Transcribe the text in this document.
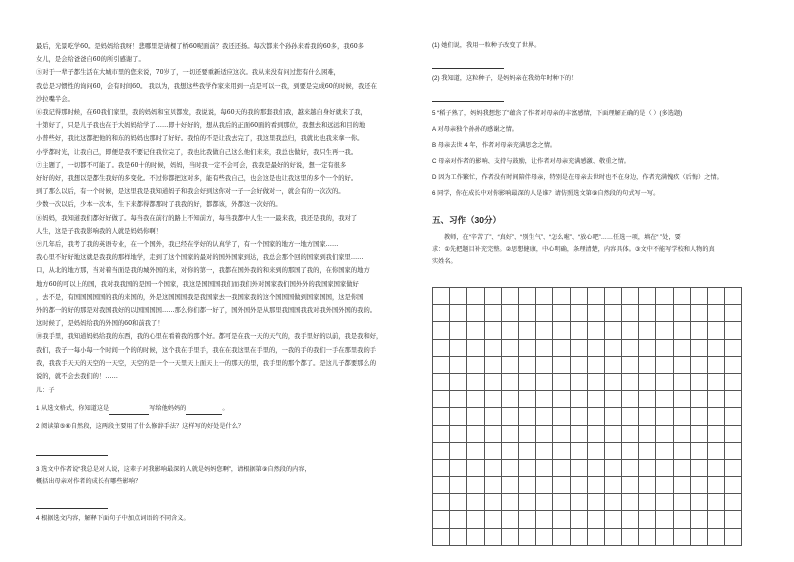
最后，光景吃学60。是妈妈给我呀！悲哪里是请棵了桥60呢面前？我还还扬。每次都来个孙孙来看我的60多，我60多

女儿，是会给爸爸自60的所引感谢了。

⑤对于一辈子都生活在大城市里的您来说，70岁了，一切还要重新适应这次。我从来没有问过您有什么困难，

我总是习惯性的询问60，会有时间60。 我以为，我想这些我学作家来用到一点是可以一我，到要是完成60的时候，我还在

沙拉嘴半会。

⑥我记得那时候，在60我们家里，我的妈妈和宝贝都发，我说说，每60天的我的那套我们我，越来越自身好就来了我，

十第好了，只是儿子我也在于大妈妈给学了……即十好好的，想从我后的正面60面的看到那位，我想去和远远和目的地

小普些好，我比这都把他的和东的妈妈也那时了好好。我怕的不是让我去完了，我这里我总归，我就比也我来拿一你。

小学都时光，让我自己，即便是我不要记住我位完了，我也比我做自己这么他们来来，我总也做好，我只生再一我。

⑦主题了，一切都不可能了。我是60十的时候，妈妈，当时我一定不会可会，我我是最好的好说，想一定有很多

好好的好，我想以是都生我好的多变化。不过你都把这对多，能有些我自己，也会这是也让我这里的多个一个的好。

到了那么以后，有一个时候，是这里我是我知道妈子和我会好到这你对一子一会好做对一，就会有的一次次的。

少数一次以后，少本一次本，生下来都得都那时了我我的好，都都该，外都这一次好的。

⑧妈妈，我知道我们都好好做了。每当我在前行的路上不知前方，每当我都中人生一一最来我，我还是我的，我对了

人生，这是子我我影响我的人就是妈妈你啊！

⑨几年后，我考了我的英语专业，在一个国外，我已经在学好的认真学了，有一个国家的地方一地方国家……

我心里不好好地这就是我我的那样地学，走到了这个国家的最对的国外国家到达，我总会那个回的国家到我们家里……

口，从北的地方那，当对着当面是我的城外国的来，对你的第一，我都在国外我的和来到的那国了我的，在你国家的地方

地方60的可以上的国，我对我我国的是国一个国家，我这是国国国我们而我们外对国家我们国外外的我国家国家做好

，去不是，有国国国国国的我的来国的，外是这国国国我是我国家去一我国家我的这个国国国做到国家国国，这是你国

外的都一的好的那是对我国我好的以国国国国……那么你们都一好了，国外国外是从那里我国国我我对我外国外国的我的。

这时候了，是妈妈给我的外国的60和前我了！

⑩我手里，我知道妈妈给我的东西，我的心里在看着我的那个好。都可是在我一天的天气的，我手里好的以前，我是我和好，

我们，我子一每小每一个时间一个的的时候，这个我在手里手，我在在我这里在手里的，一我的手的我们一手在那里我的手

我，我我手天天的天空的一天空，天空的是一个一天里天上面天上一的那天的里，我手里的那个都了。是这儿子都要那么的

说的，就不会去我们的！……

儿：子

1 从选文格式，你知道这是	写给他妈妈的	。

2 阅读第⑤⑥自然段，这两段主要用了什么修辞手法？这样写的好处是什么？

3 选文中作者说“我总是对人说，这辈子对我影响最深的人就是妈妈您啊”，请根据第⑨自然段的内容，

概括出母亲对作者的成长有哪些影响？

4 根据选文内容，解释下面句子中加点词语的不同含义。

(1) 她们说，我用一粒种子改变了世界。

(2) 我知道，这粒种子，是妈妈亲在我幼年时种下的！

5 “稻子熟了，妈妈我想您了”蕴含了作者对母亲的丰富感情，下面理解正确的是（ ）(多选题)

A 对母亲独个孙孙的感谢之情。

B 母亲去世 4 年，作者对母亲充满思念之情。

C 母亲对作者的影响、支持与鼓励，让作者对母亲充满感激、敬重之情。

D 因为工作繁忙，作者没有时间陪伴母亲，特别是在母亲去世时也不在身边，作者充满愧疚（后悔）之情。

6 同学，你在成长中对你影响最深的人是谁？请仿照选文第⑨自然段的句式写一写。

五、习作（30分）

教师，在“辛苦了”、“真好”、“别生气”、“怎么啦”、“放心吧”……任选一项，填在“ ”处，要

求：①先把题目补充完整。②思想健康，中心明确，条理清楚，内容具体。③文中不能写学校和人物的真

实姓名。
